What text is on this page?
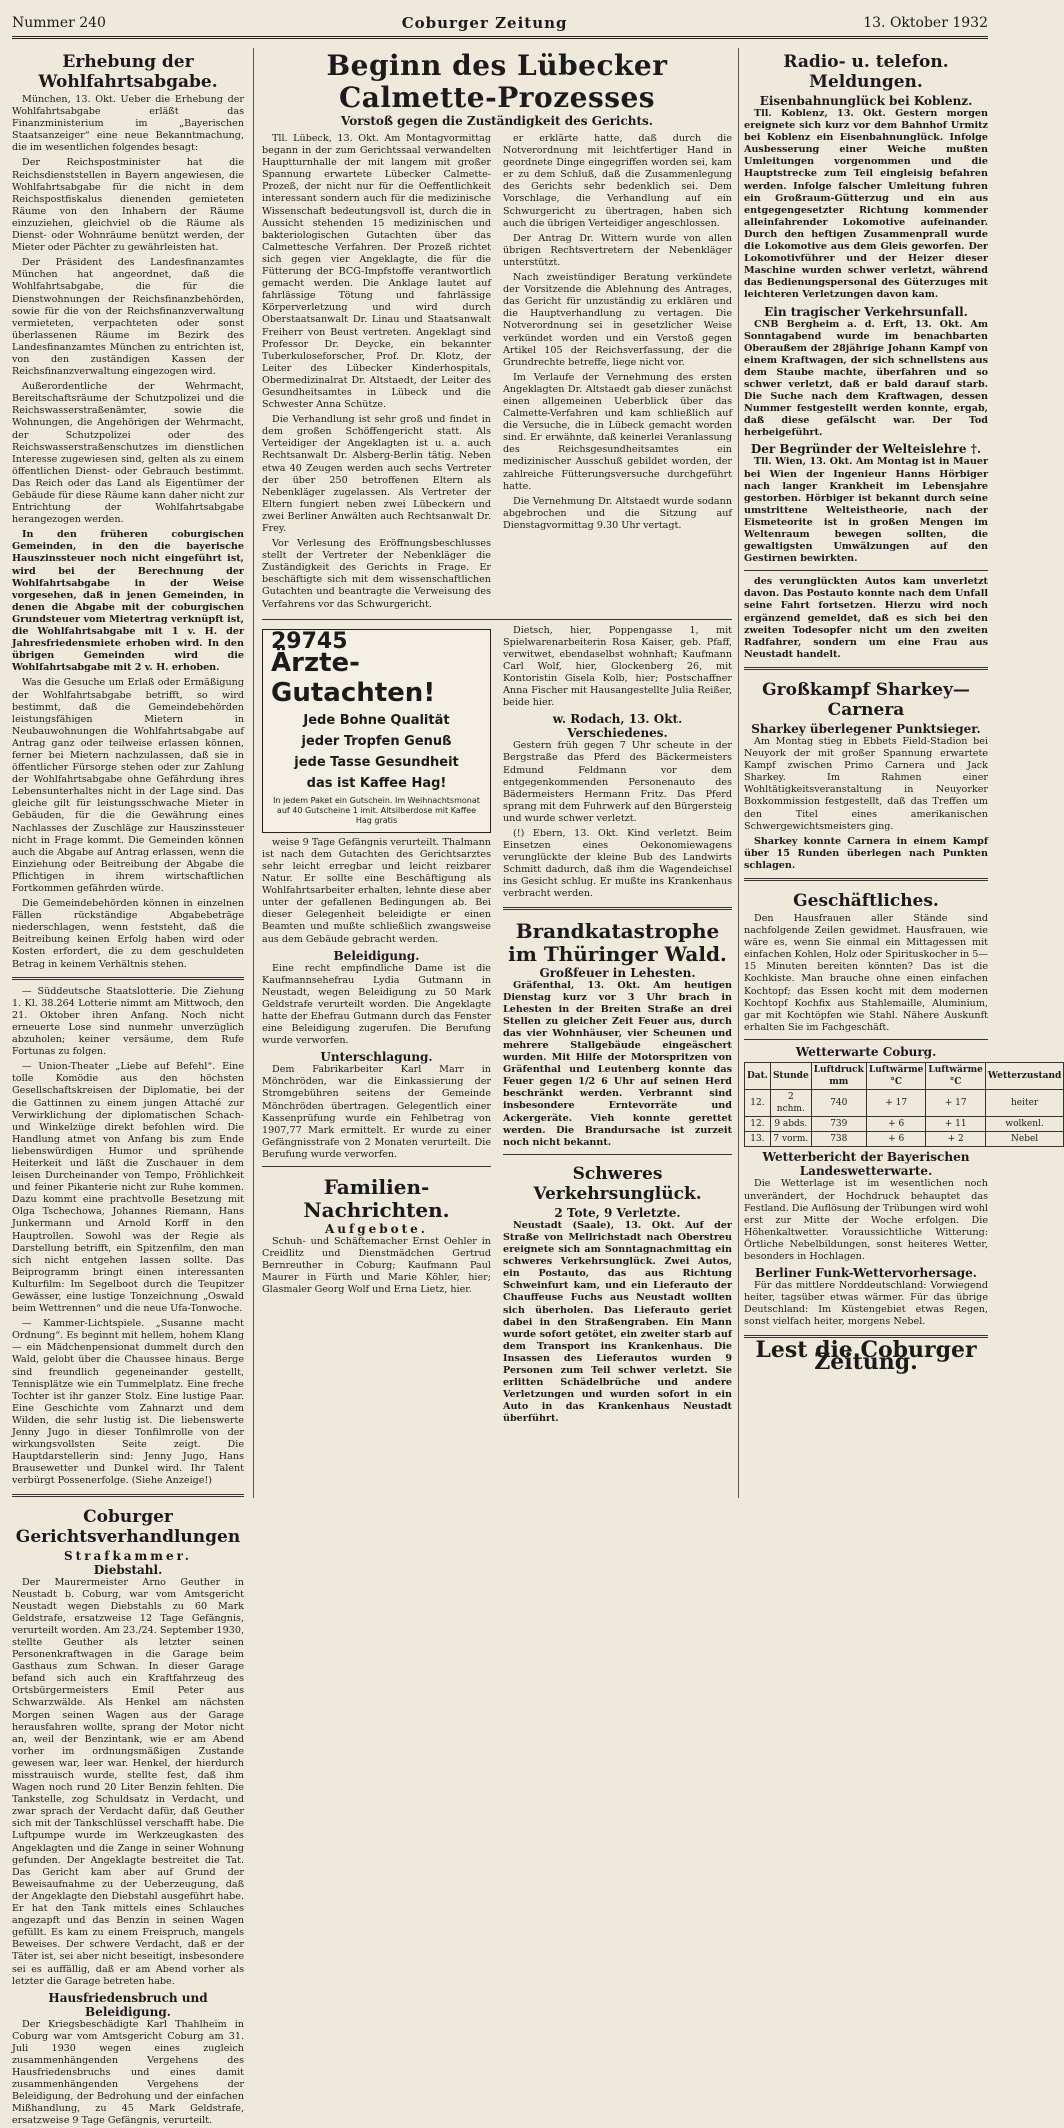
Nummer 240	Coburger Zeitung	13. Oktober 1932
Erhebung der Wohlfahrtsabgabe.

München, 13. Okt. Ueber die Erhebung der Wohlfahrtsabgabe erläßt das Finanzministerium im „Bayerischen Staatsanzeiger“ eine neue Bekanntmachung, die im wesentlichen folgendes besagt:

Der Reichspostminister hat die Reichsdienststellen in Bayern angewiesen, die Wohlfahrtsabgabe für die nicht in dem Reichspostfiskalus dienenden gemieteten Räume von den Inhabern der Räume einzuziehen, gleichviel ob die Räume als Dienst- oder Wohnräume benützt werden, der Mieter oder Pächter zu gewährleisten hat.

Der Präsident des Landesfinanzamtes München hat angeordnet, daß die Wohlfahrtsabgabe, die für die Dienstwohnungen der Reichsfinanzbehörden, sowie für die von der Reichsfinanzverwaltung vermieteten, verpachteten oder sonst überlassenen Räume im Bezirk des Landesfinanzamtes München zu entrichten ist, von den zuständigen Kassen der Reichsfinanzverwaltung eingezogen wird.

Außerordentliche der Wehrmacht, Bereitschaftsräume der Schutzpolizei und die Reichswasserstraßenämter, sowie die Wohnungen, die Angehörigen der Wehrmacht, der Schutzpolizei oder des Reichswasserstraßenschutzes im dienstlichen Interesse zugewiesen sind, gelten als zu einem öffentlichen Dienst- oder Gebrauch bestimmt. Das Reich oder das Land als Eigentümer der Gebäude für diese Räume kann daher nicht zur Entrichtung der Wohlfahrtsabgabe herangezogen werden.

In den früheren coburgischen Gemeinden, in den die bayerische Hauszinssteuer noch nicht eingeführt ist, wird bei der Berechnung der Wohlfahrtsabgabe in der Weise vorgesehen, daß in jenen Gemeinden, in denen die Abgabe mit der coburgischen Grundsteuer vom Mietertrag verknüpft ist, die Wohlfahrtsabgabe mit 1 v. H. der Jahresfriedensmiete erhoben wird. In den übrigen Gemeinden wird die Wohlfahrtsabgabe mit 2 v. H. erhoben.

Was die Gesuche um Erlaß oder Ermäßigung der Wohlfahrtsabgabe betrifft, so wird bestimmt, daß die Gemeindebehörden leistungsfähigen Mietern in Neubauwohnungen die Wohlfahrtsabgabe auf Antrag ganz oder teilweise erlassen können, ferner bei Mietern nachzulassen, daß sie in öffentlicher Fürsorge stehen oder zur Zahlung der Wohlfahrtsabgabe ohne Gefährdung ihres Lebensunterhaltes nicht in der Lage sind. Das gleiche gilt für leistungsschwache Mieter in Gebäuden, für die die Gewährung eines Nachlasses der Zuschläge zur Hauszinssteuer nicht in Frage kommt. Die Gemeinden können auch die Abgabe auf Antrag erlassen, wenn die Einziehung oder Beitreibung der Abgabe die Pflichtigen in ihrem wirtschaftlichen Fortkommen gefährden würde.

Die Gemeindebehörden können in einzelnen Fällen rückständige Abgabebeträge niederschlagen, wenn feststeht, daß die Beitreibung keinen Erfolg haben wird oder Kosten erfordert, die zu dem geschuldeten Betrag in keinem Verhältnis stehen.

— Süddeutsche Staatslotterie. Die Ziehung 1. Kl. 38.264 Lotterie nimmt am Mittwoch, den 21. Oktober ihren Anfang. Noch nicht erneuerte Lose sind nunmehr unverzüglich abzuholen; keiner versäume, dem Rufe Fortunas zu folgen.

— Union-Theater „Liebe auf Befehl“. Eine tolle Komödie aus den höchsten Gesellschaftskreisen der Diplomatie, bei der die Gattinnen zu einem jungen Attaché zur Verwirklichung der diplomatischen Schach- und Winkelzüge direkt befohlen wird. Die Handlung atmet von Anfang bis zum Ende liebenswürdigen Humor und sprühende Heiterkeit und läßt die Zuschauer in dem leisen Durcheinander von Tempo, Fröhlichkeit und feiner Pikanterie nicht zur Ruhe kommen. Dazu kommt eine prachtvolle Besetzung mit Olga Tschechowa, Johannes Riemann, Hans Junkermann und Arnold Korff in den Hauptrollen. Sowohl was der Regie als Darstellung betrifft, ein Spitzenfilm, den man sich nicht entgehen lassen sollte. Das Beiprogramm bringt einen interessanten Kulturfilm: Im Segelboot durch die Teupitzer Gewässer, eine lustige Tonzeichnung „Oswald beim Wettrennen“ und die neue Ufa-Tonwoche.

— Kammer-Lichtspiele. „Susanne macht Ordnung“. Es beginnt mit hellem, hohem Klang — ein Mädchenpensionat dummelt durch den Wald, gelobt über die Chaussee hinaus. Berge sind freundlich gegeneinander gestellt, Tennisplätze wie ein Tummelplatz. Eine freche Tochter ist ihr ganzer Stolz. Eine lustige Paar. Eine Geschichte vom Zahnarzt und dem Wilden, die sehr lustig ist. Die liebenswerte Jenny Jugo in dieser Tonfilmrolle von der wirkungsvollsten Seite zeigt. Die Hauptdarstellerin sind: Jenny Jugo, Hans Brausewetter und Dunkel wird. Ihr Talent verbürgt Possenerfolge. (Siehe Anzeige!)

Coburger Gerichtsverhandlungen
Strafkammer.
Diebstahl.

Der Maurermeister Arno Geuther in Neustadt b. Coburg, war vom Amtsgericht Neustadt wegen Diebstahls zu 60 Mark Geldstrafe, ersatzweise 12 Tage Gefängnis, verurteilt worden. Am 23./24. September 1930, stellte Geuther als letzter seinen Personenkraftwagen in die Garage beim Gasthaus zum Schwan. In dieser Garage befand sich auch ein Kraftfahrzeug des Ortsbürgermeisters Emil Peter aus Schwarzwälde. Als Henkel am nächsten Morgen seinen Wagen aus der Garage herausfahren wollte, sprang der Motor nicht an, weil der Benzintank, wie er am Abend vorher im ordnungsmäßigen Zustande gewesen war, leer war. Henkel, der hierdurch misstrauisch wurde, stellte fest, daß ihm Wagen noch rund 20 Liter Benzin fehlten. Die Tankstelle, zog Schuldsatz in Verdacht, und zwar sprach der Verdacht dafür, daß Geuther sich mit der Tankschlüssel verschafft habe. Die Luftpumpe wurde im Werkzeugkasten des Angeklagten und die Zange in seiner Wohnung gefunden. Der Angeklagte bestreitet die Tat. Das Gericht kam aber auf Grund der Beweisaufnahme zu der Ueberzeugung, daß der Angeklagte den Diebstahl ausgeführt habe. Er hat den Tank mittels eines Schlauches angezapft und das Benzin in seinen Wagen gefüllt. Es kam zu einem Freispruch, mangels Beweises. Der schwere Verdacht, daß er der Täter ist, sei aber nicht beseitigt, insbesondere sei es auffällig, daß er am Abend vorher als letzter die Garage betreten habe.

Hausfriedensbruch und Beleidigung.

Der Kriegsbeschädigte Karl Thahlheim in Coburg war vom Amtsgericht Coburg am 31. Juli 1930 wegen eines zugleich zusammenhängenden Vergehens des Hausfriedensbruchs und eines damit zusammenhängenden Vergehens der Beleidigung, der Bedrohung und der einfachen Mißhandlung, zu 45 Mark Geldstrafe, ersatzweise 9 Tage Gefängnis, verurteilt.

Beginn des Lübecker Calmette-Prozesses
Vorstoß gegen die Zuständigkeit des Gerichts.

Tll. Lübeck, 13. Okt. Am Montagvormittag begann in der zum Gerichtssaal verwandelten Hauptturnhalle der mit langem mit großer Spannung erwartete Lübecker Calmette-Prozeß, der nicht nur für die Oeffentlichkeit interessant sondern auch für die medizinische Wissenschaft bedeutungsvoll ist, durch die in Aussicht stehenden 15 medizinischen und bakteriologischen Gutachten über das Calmettesche Verfahren. Der Prozeß richtet sich gegen vier Angeklagte, die für die Fütterung der BCG-Impfstoffe verantwortlich gemacht werden. Die Anklage lautet auf fahrlässige Tötung und fahrlässige Körperverletzung und wird durch Oberstaatsanwalt Dr. Linau und Staatsanwalt Freiherr von Beust vertreten. Angeklagt sind Professor Dr. Deycke, ein bekannter Tuberkuloseforscher, Prof. Dr. Klotz, der Leiter des Lübecker Kinderhospitals, Obermedizinalrat Dr. Altstaedt, der Leiter des Gesundheitsamtes in Lübeck und die Schwester Anna Schütze.

Die Verhandlung ist sehr groß und findet in dem großen Schöffengericht statt. Als Verteidiger der Angeklagten ist u. a. auch Rechtsanwalt Dr. Alsberg-Berlin tätig. Neben etwa 40 Zeugen werden auch sechs Vertreter der über 250 betroffenen Eltern als Nebenkläger zugelassen. Als Vertreter der Eltern fungiert neben zwei Lübeckern und zwei Berliner Anwälten auch Rechtsanwalt Dr. Frey.

Vor Verlesung des Eröffnungsbeschlusses stellt der Vertreter der Nebenkläger die Zuständigkeit des Gerichts in Frage. Er beschäftigte sich mit dem wissenschaftlichen Gutachten und beantragte die Verweisung des Verfahrens vor das Schwurgericht.

er erklärte hatte, daß durch die Notverordnung mit leichtfertiger Hand in geordnete Dinge eingegriffen worden sei, kam er zu dem Schluß, daß die Zusammenlegung des Gerichts sehr bedenklich sei. Dem Vorschlage, die Verhandlung auf ein Schwurgericht zu übertragen, haben sich auch die übrigen Verteidiger angeschlossen.

Der Antrag Dr. Wittern wurde von allen übrigen Rechtsvertretern der Nebenkläger unterstützt.

Nach zweistündiger Beratung verkündete der Vorsitzende die Ablehnung des Antrages, das Gericht für unzuständig zu erklären und die Hauptverhandlung zu vertagen. Die Notverordnung sei in gesetzlicher Weise verkündet worden und ein Verstoß gegen Artikel 105 der Reichsverfassung, der die Grundrechte betreffe, liege nicht vor.

Im Verlaufe der Vernehmung des ersten Angeklagten Dr. Altstaedt gab dieser zunächst einen allgemeinen Ueberblick über das Calmette-Verfahren und kam schließlich auf die Versuche, die in Lübeck gemacht worden sind. Er erwähnte, daß keinerlei Veranlassung des Reichsgesundheitsamtes ein medizinischer Ausschuß gebildet worden, der zahlreiche Fütterungsversuche durchgeführt hatte.

Die Vernehmung Dr. Altstaedt wurde sodann abgebrochen und die Sitzung auf Dienstagvormittag 9.30 Uhr vertagt.

29745
Ärzte-Gutachten!
Jede Bohne Qualität
jeder Tropfen Genuß
jede Tasse Gesundheit
das ist Kaffee Hag!
In jedem Paket ein Gutschein. Im Weihnachtsmonat auf 40 Gutscheine 1 imit. Altsilberdose mit Kaffee Hag gratis

weise 9 Tage Gefängnis verurteilt. Thalmann ist nach dem Gutachten des Gerichtsarztes sehr leicht erregbar und leicht reizbarer Natur. Er sollte eine Beschäftigung als Wohlfahrtsarbeiter erhalten, lehnte diese aber unter der gefallenen Bedingungen ab. Bei dieser Gelegenheit beleidigte er einen Beamten und mußte schließlich zwangsweise aus dem Gebäude gebracht werden.

Beleidigung.

Eine recht empfindliche Dame ist die Kaufmannsehefrau Lydia Gutmann in Neustadt, wegen Beleidigung zu 50 Mark Geldstrafe verurteilt worden. Die Angeklagte hatte der Ehefrau Gutmann durch das Fenster eine Beleidigung zugerufen. Die Berufung wurde verworfen.

Unterschlagung.

Dem Fabrikarbeiter Karl Marr in Mönchröden, war die Einkassierung der Stromgebühren seitens der Gemeinde Mönchröden übertragen. Gelegentlich einer Kassenprüfung wurde ein Fehlbetrag von 1907,77 Mark ermittelt. Er wurde zu einer Gefängnisstrafe von 2 Monaten verurteilt. Die Berufung wurde verworfen.

Familien-Nachrichten.
Aufgebote.

Schuh- und Schäftemacher Ernst Oehler in Creidlitz und Dienstmädchen Gertrud Bernreuther in Coburg; Kaufmann Paul Maurer in Fürth und Marie Köhler, hier; Glasmaler Georg Wolf und Erna Lietz, hier.

Dietsch, hier, Poppengasse 1, mit Spielwarenarbeiterin Rosa Kaiser, geb. Pfaff, verwitwet, ebendaselbst wohnhaft; Kaufmann Carl Wolf, hier, Glockenberg 26, mit Kontoristin Gisela Kolb, hier; Postschaffner Anna Fischer mit Hausangestellte Julia Reißer, beide hier.

w. Rodach, 13. Okt. Verschiedenes.

Gestern früh gegen 7 Uhr scheute in der Bergstraße das Pferd des Bäckermeisters Edmund Feldmann vor dem entgegenkommenden Personenauto des Bädermeisters Hermann Fritz. Das Pferd sprang mit dem Fuhrwerk auf den Bürgersteig und wurde schwer verletzt.

(!) Ebern, 13. Okt. Kind verletzt. Beim Einsetzen eines Oekonomiewagens verunglückte der kleine Bub des Landwirts Schmitt dadurch, daß ihm die Wagendeichsel ins Gesicht schlug. Er mußte ins Krankenhaus verbracht werden.

Brandkatastrophe im Thüringer Wald.
Großfeuer in Lehesten.

Gräfenthal, 13. Okt. Am heutigen Dienstag kurz vor 3 Uhr brach in Lehesten in der Breiten Straße an drei Stellen zu gleicher Zeit Feuer aus, durch das vier Wohnhäuser, vier Scheunen und mehrere Stallgebäude eingeäschert wurden. Mit Hilfe der Motorspritzen von Gräfenthal und Leutenberg konnte das Feuer gegen 1/2 6 Uhr auf seinen Herd beschränkt werden. Verbrannt sind insbesondere Erntevorräte und Ackergeräte. Vieh konnte gerettet werden. Die Brandursache ist zurzeit noch nicht bekannt.

Schweres Verkehrsunglück.
2 Tote, 9 Verletzte.

Neustadt (Saale), 13. Okt. Auf der Straße von Mellrichstadt nach Oberstreu ereignete sich am Sonntagnachmittag ein schweres Verkehrsunglück. Zwei Autos, ein Postauto, das aus Richtung Schweinfurt kam, und ein Lieferauto der Chauffeuse Fuchs aus Neustadt wollten sich überholen. Das Lieferauto geriet dabei in den Straßengraben. Ein Mann wurde sofort getötet, ein zweiter starb auf dem Transport ins Krankenhaus. Die Insassen des Lieferautos wurden 9 Personen zum Teil schwer verletzt. Sie erlitten Schädelbrüche und andere Verletzungen und wurden sofort in ein Auto in das Krankenhaus Neustadt überführt.

Radio- u. telefon. Meldungen.
Eisenbahnunglück bei Koblenz.

Tll. Koblenz, 13. Okt. Gestern morgen ereignete sich kurz vor dem Bahnhof Urmitz bei Koblenz ein Eisenbahnunglück. Infolge Ausbesserung einer Weiche mußten Umleitungen vorgenommen und die Hauptstrecke zum Teil eingleisig befahren werden. Infolge falscher Umleitung fuhren ein Großraum-Gütterzug und ein aus entgegengesetzter Richtung kommender alleinfahrender Lokomotive aufeinander. Durch den heftigen Zusammenprall wurde die Lokomotive aus dem Gleis geworfen. Der Lokomotivführer und der Heizer dieser Maschine wurden schwer verletzt, während das Bedienungspersonal des Güterzuges mit leichteren Verletzungen davon kam.

Ein tragischer Verkehrsunfall.

CNB Bergheim a. d. Erft, 13. Okt. Am Sonntagabend wurde im benachbarten Oberaußem der 28jährige Johann Kampf von einem Kraftwagen, der sich schnellstens aus dem Staube machte, überfahren und so schwer verletzt, daß er bald darauf starb. Die Suche nach dem Kraftwagen, dessen Nummer festgestellt werden konnte, ergab, daß diese gefälscht war. Der Tod herbeigeführt.

Der Begründer der Welteislehre †.

Tll. Wien, 13. Okt. Am Montag ist in Mauer bei Wien der Ingenieur Hanns Hörbiger nach langer Krankheit im Lebensjahre gestorben. Hörbiger ist bekannt durch seine umstrittene Welteistheorie, nach der Eismeteorite ist in großen Mengen im Weltenraum bewegen sollten, die gewaltigsten Umwälzungen auf den Gestirnen bewirkten.

des verunglückten Autos kam unverletzt davon. Das Postauto konnte nach dem Unfall seine Fahrt fortsetzen. Hierzu wird noch ergänzend gemeldet, daß es sich bei den zweiten Todesopfer nicht um den zweiten Radfahrer, sondern um eine Frau aus Neustadt handelt.

Großkampf Sharkey—Carnera
Sharkey überlegener Punktsieger.

Am Montag stieg in Ebbets Field-Stadion bei Neuyork der mit großer Spannung erwartete Kampf zwischen Primo Carnera und Jack Sharkey. Im Rahmen einer Wohltätigkeitsveranstaltung in Neuyorker Boxkommission festgestellt, daß das Treffen um den Titel eines amerikanischen Schwergewichtsmeisters ging.

Sharkey konnte Carnera in einem Kampf über 15 Runden überlegen nach Punkten schlagen.

Geschäftliches.

Den Hausfrauen aller Stände sind nachfolgende Zeilen gewidmet. Hausfrauen, wie wäre es, wenn Sie einmal ein Mittagessen mit einfachen Kohlen, Holz oder Spirituskocher in 5—15 Minuten bereiten könnten? Das ist die Kochkiste. Man brauche ohne einen einfachen Kochtopf; das Essen kocht mit dem modernen Kochtopf Kochfix aus Stahlemaille, Aluminium, gar mit Kochtöpfen wie Stahl. Nähere Auskunft erhalten Sie im Fachgeschäft.

Wetterwarte Coburg.
Dat.	Stunde	Luftdruck mm	Luftwärme °C	Luftwärme °C	Wetterzustand
12.	2 nchm.	740	+ 17	+ 17	heiter
12.	9 abds.	739	+ 6	+ 11	wolkenl.
13.	7 vorm.	738	+ 6	+ 2	Nebel
Wetterbericht der Bayerischen Landeswetterwarte.

Die Wetterlage ist im wesentlichen noch unverändert, der Hochdruck behauptet das Festland. Die Auflösung der Trübungen wird wohl erst zur Mitte der Woche erfolgen. Die Höhenkaltwetter. Voraussichtliche Witterung: Örtliche Nebelbildungen, sonst heiteres Wetter, besonders in Hochlagen.

Berliner Funk-Wettervorhersage.

Für das mittlere Norddeutschland: Vorwiegend heiter, tagsüber etwas wärmer. Für das übrige Deutschland: Im Küstengebiet etwas Regen, sonst vielfach heiter, morgens Nebel.

Lest die Coburger Zeitung.
